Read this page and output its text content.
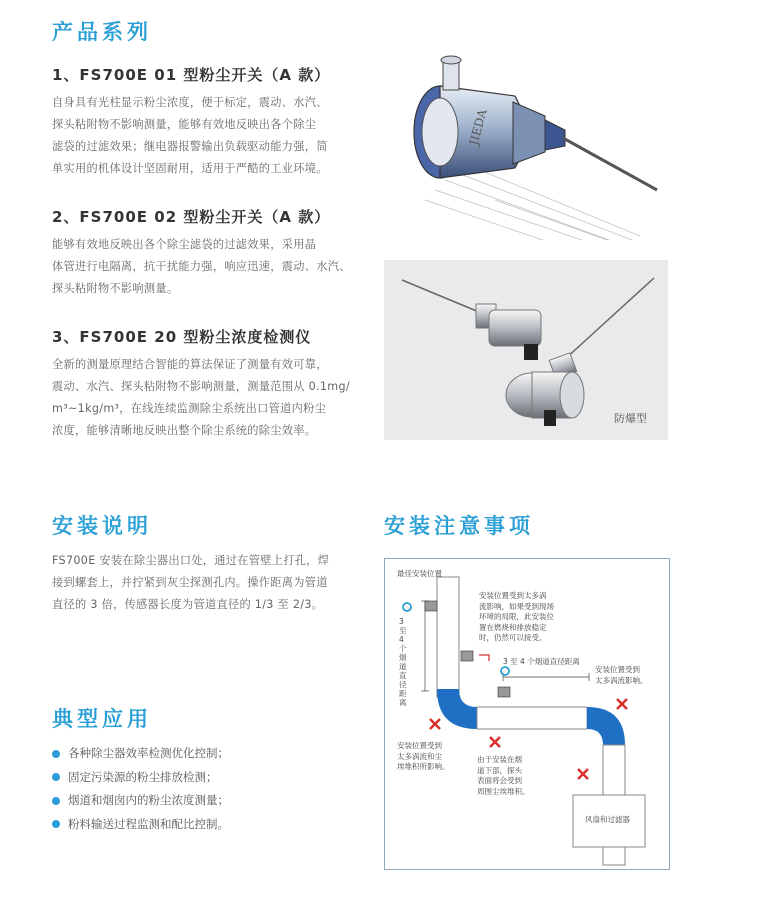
产品系列
1、FS700E 01 型粉尘开关（A 款）
自身具有光柱显示粉尘浓度，便于标定，震动、水汽、
探头粘附物不影响测量，能够有效地反映出各个除尘
滤袋的过滤效果；继电器报警输出负载驱动能力强，简
单实用的机体设计坚固耐用，适用于严酷的工业环境。
2、FS700E 02 型粉尘开关（A 款）
能够有效地反映出各个除尘滤袋的过滤效果，采用晶
体管进行电隔离，抗干扰能力强，响应迅速，震动、水汽、
探头粘附物不影响测量。
3、FS700E 20 型粉尘浓度检测仪
全新的测量原理结合智能的算法保证了测量有效可靠，
震动、水汽、探头粘附物不影响测量，测量范围从 0.1mg/
m³~1kg/m³，在线连续监测除尘系统出口管道内粉尘
浓度，能够清晰地反映出整个除尘系统的除尘效率。
JIEDA
防爆型
安装说明
FS700E 安装在除尘器出口处，通过在管壁上打孔，焊
接到螺套上，并拧紧到灰尘探测孔内。操作距离为管道
直径的 3 倍，传感器长度为管道直径的 1/3 至 2/3。
典型应用
各种除尘器效率检测优化控制；
固定污染源的粉尘排放检测；
烟道和烟囱内的粉尘浓度测量；
粉料输送过程监测和配比控制。
安装注意事项
最佳安装位置
安装位置受到太多涡
流影响，如果受到现场
环境的局限，此安装位
置在燃烧和排放稳定
时，仍然可以接受。
3至4个烟道直径距离
3 至 4 个烟道直径距离
安装位置受到
太多涡流影响。
安装位置受到
太多涡流和尘
埃堆积所影响。
由于安装在烟
道下部，探头
表面将会受到
周围尘埃堆积。
风扇和过滤器
